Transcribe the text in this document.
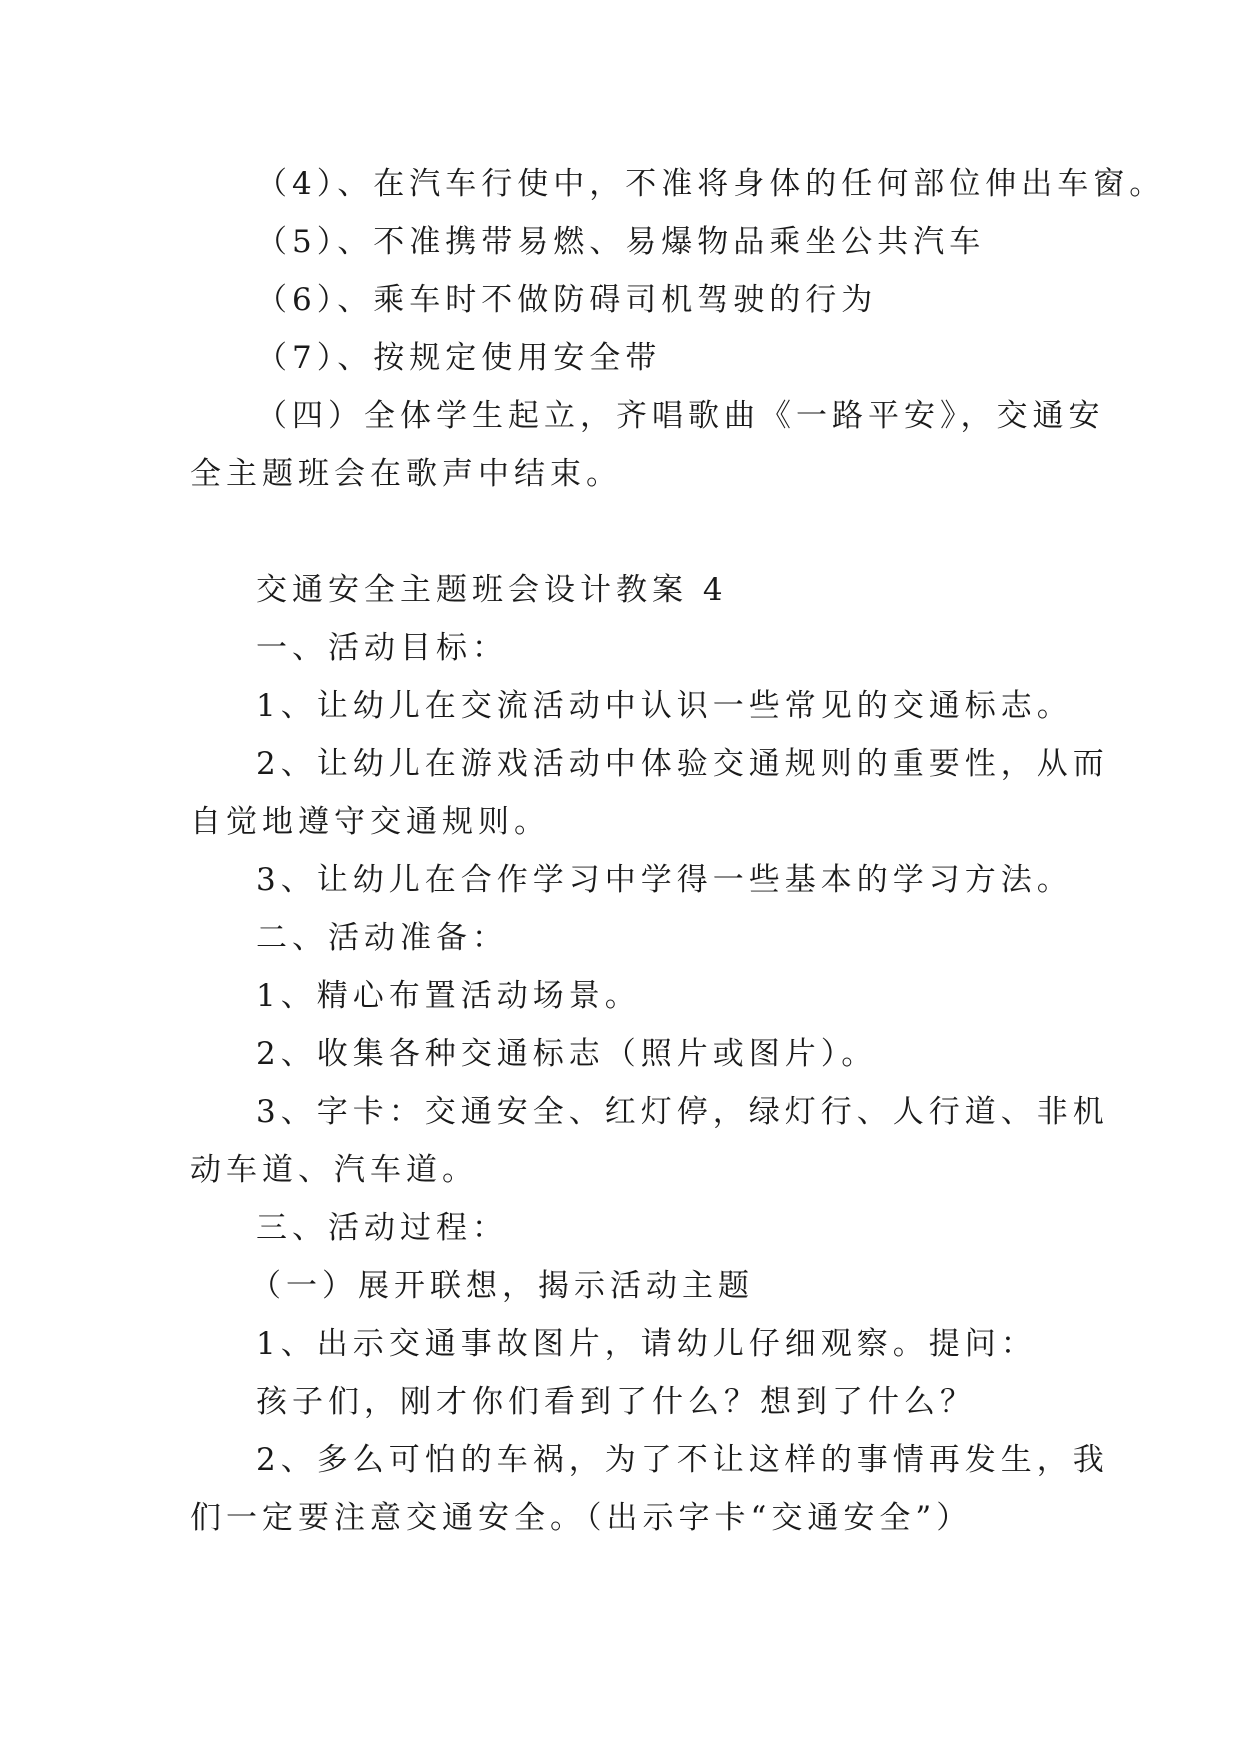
（4）、在汽车行使中，不准将身体的任何部位伸出车窗。

（5）、不准携带易燃、易爆物品乘坐公共汽车

（6）、乘车时不做防碍司机驾驶的行为

（7）、按规定使用安全带

（四）全体学生起立，齐唱歌曲《一路平安》，交通安

全主题班会在歌声中结束。

交通安全主题班会设计教案 4

一、活动目标：

1、让幼儿在交流活动中认识一些常见的交通标志。

2、让幼儿在游戏活动中体验交通规则的重要性，从而

自觉地遵守交通规则。

3、让幼儿在合作学习中学得一些基本的学习方法。

二、活动准备：

1、精心布置活动场景。

2、收集各种交通标志（照片或图片）。

3、字卡：交通安全、红灯停，绿灯行、人行道、非机

动车道、汽车道。

三、活动过程：

（一）展开联想，揭示活动主题

1、出示交通事故图片，请幼儿仔细观察。提问：

孩子们，刚才你们看到了什么？想到了什么？

2、多么可怕的车祸，为了不让这样的事情再发生，我

们一定要注意交通安全。（出示字卡“交通安全”）
